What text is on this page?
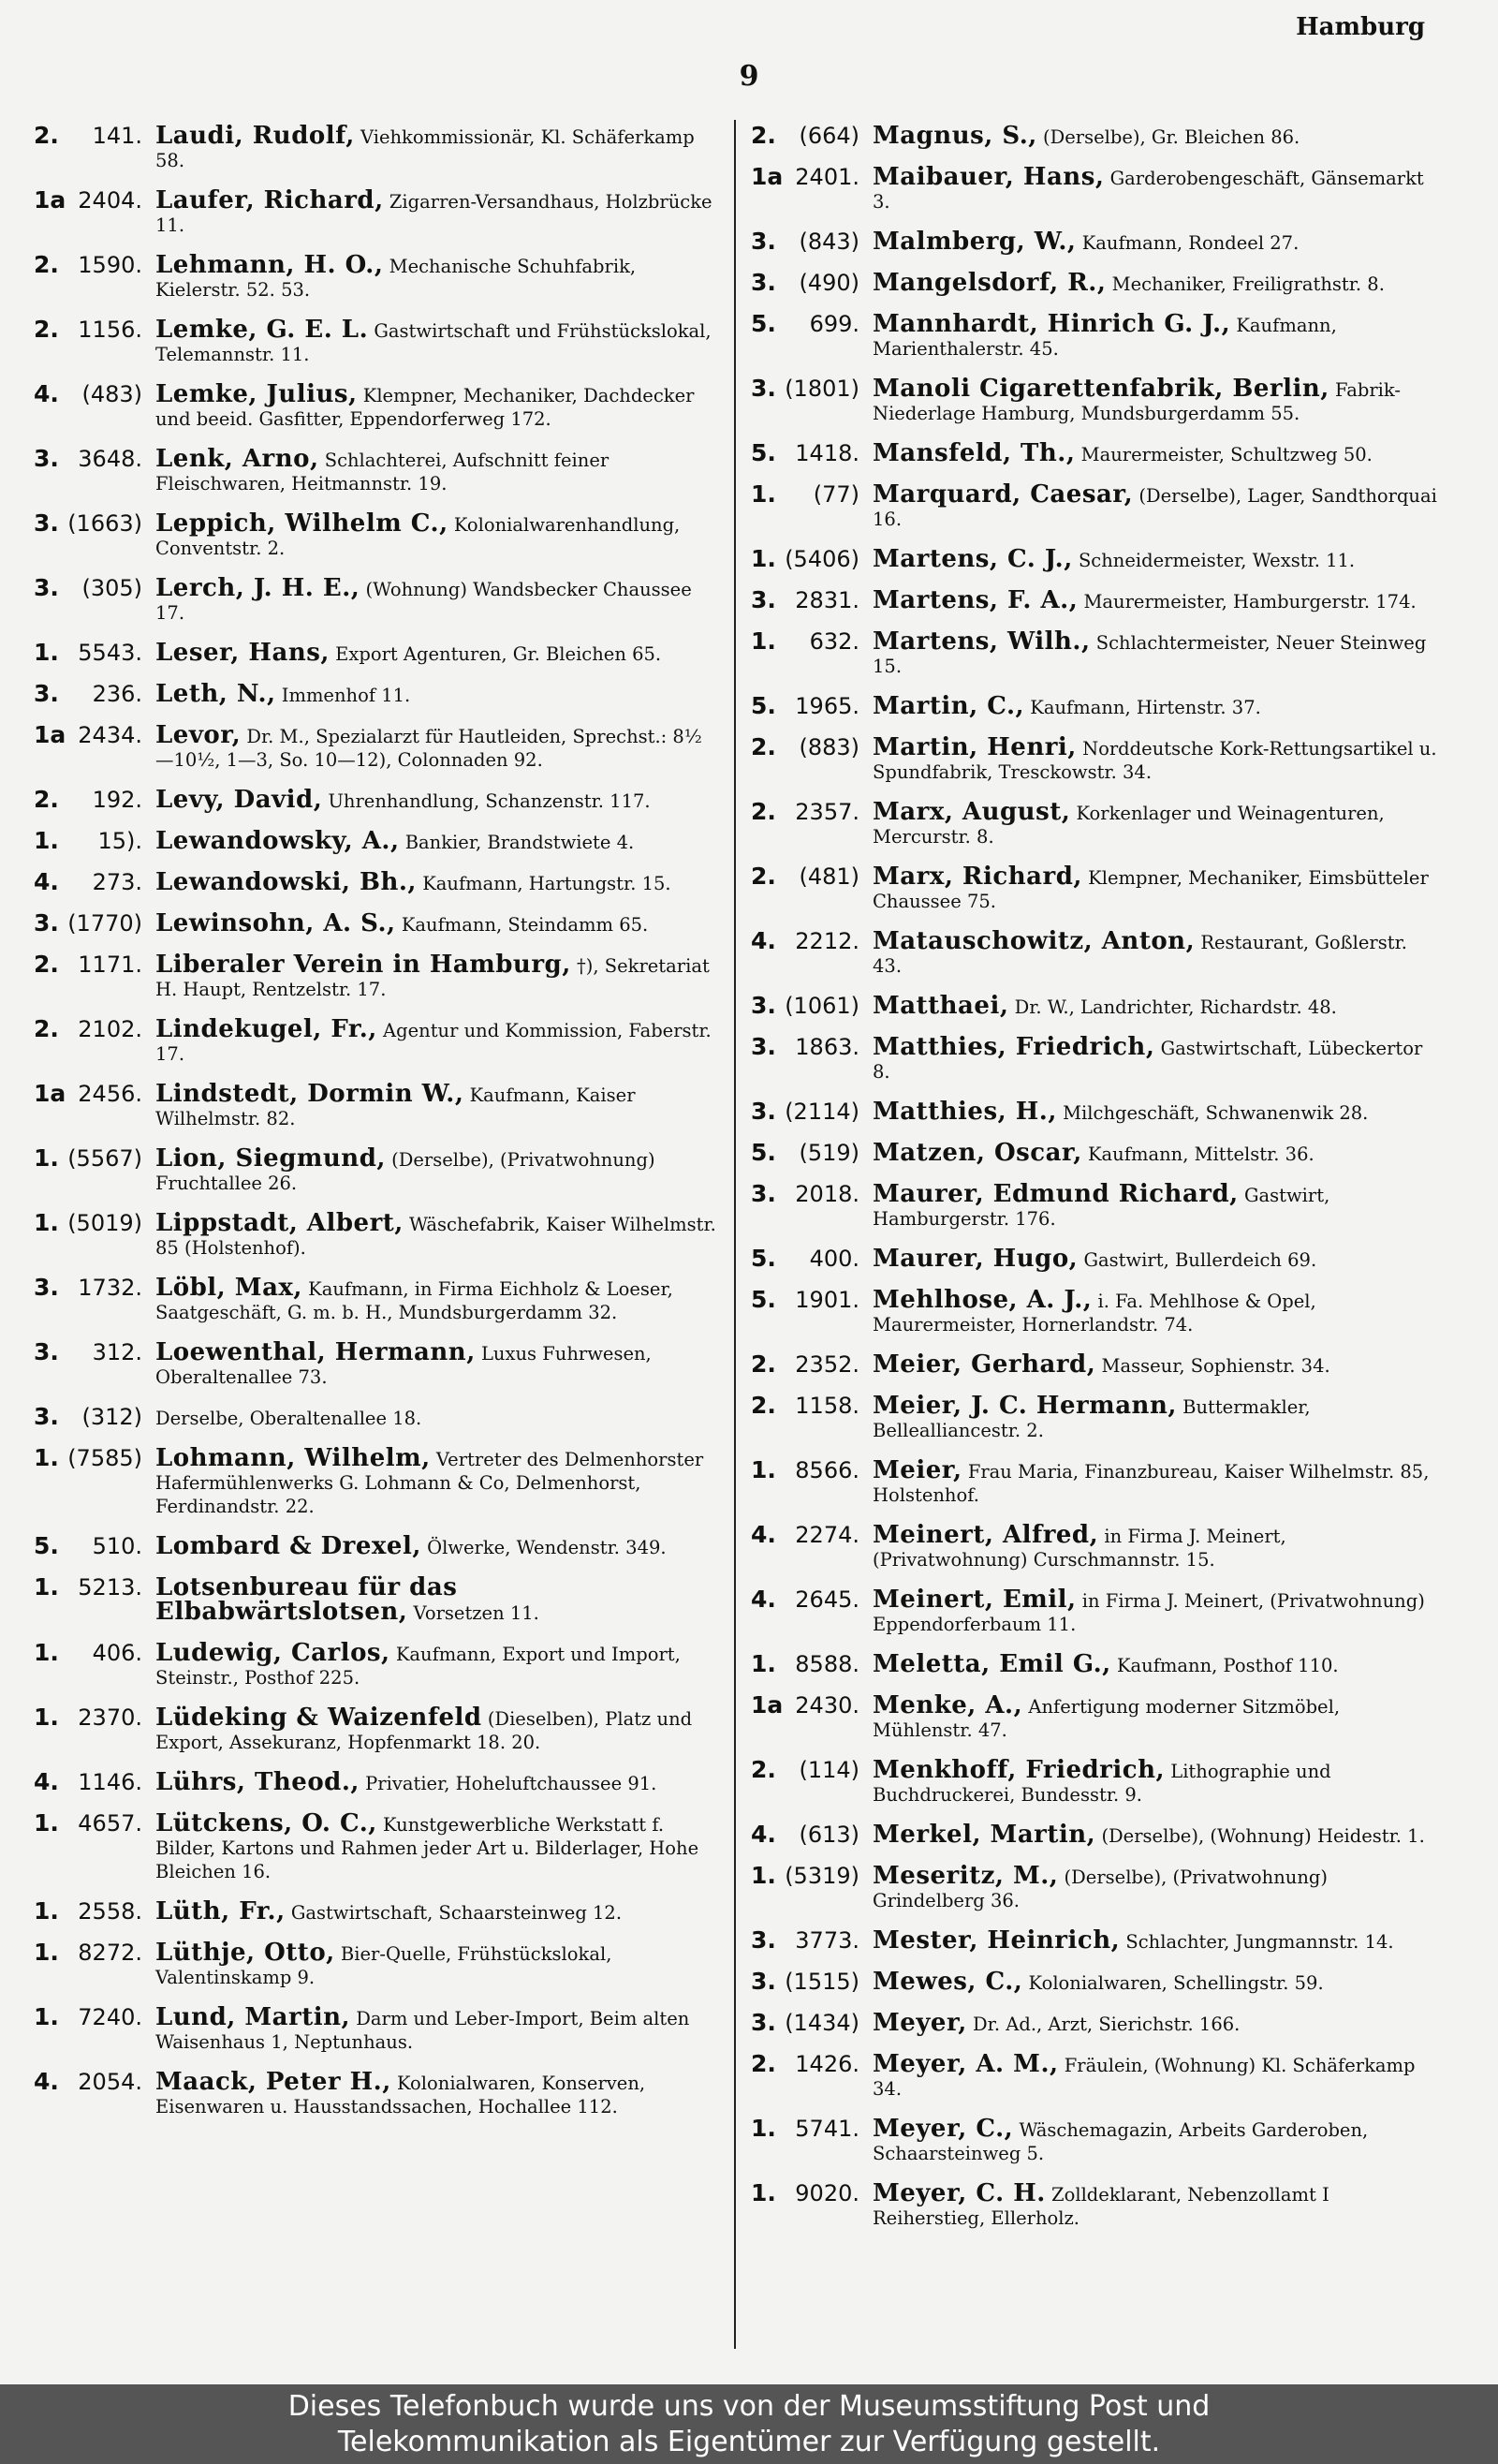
Hamburg
9
2.	141. Laudi, Rudolf, Viehkommissionär, Kl. Schäferkamp 58.
1a 2404. Laufer, Richard, Zigarren-Versandhaus, Holzbrücke 11.
2. 1590. Lehmann, H. O., Mechanische Schuhfabrik, Kielerstr. 52. 53.
2. 1156. Lemke, G. E. L. Gastwirtschaft und Frühstückslokal, Telemannstr. 11.
4.	(483) Lemke, Julius, Klempner, Mechaniker, Dachdecker und beeid. Gasfitter, Eppendorferweg 172.
3. 3648. Lenk, Arno, Schlachterei, Aufschnitt feiner Fleischwaren, Heitmannstr. 19.
3. (1663) Leppich, Wilhelm C., Kolonialwarenhandlung, Conventstr. 2.
3.	(305) Lerch, J. H. E., (Wohnung) Wandsbecker Chaussee 17.
1. 5543. Leser, Hans, Export Agenturen, Gr. Bleichen 65.
3.	236. Leth, N., Immenhof 11.
1a 2434. Levor, Dr. M., Spezialarzt für Hautleiden, Sprechst.: 8½—10½, 1—3, So. 10—12), Colonnaden 92.
2.	192. Levy, David, Uhrenhandlung, Schanzenstr. 117.
1.	15). Lewandowsky, A., Bankier, Brandstwiete 4.
4.	273. Lewandowski, Bh., Kaufmann, Hartungstr. 15.
3. (1770) Lewinsohn, A. S., Kaufmann, Steindamm 65.
2. 1171. Liberaler Verein in Hamburg, †), Sekretariat H. Haupt, Rentzelstr. 17.
2. 2102. Lindekugel, Fr., Agentur und Kommission, Faberstr. 17.
1a 2456. Lindstedt, Dormin W., Kaufmann, Kaiser Wilhelmstr. 82.
1. (5567) Lion, Siegmund, (Derselbe), (Privatwohnung) Fruchtallee 26.
1. (5019) Lippstadt, Albert, Wäschefabrik, Kaiser Wilhelmstr. 85 (Holstenhof).
3. 1732. Löbl, Max, Kaufmann, in Firma Eichholz & Loeser, Saatgeschäft, G. m. b. H., Mundsburgerdamm 32.
3.	312. Loewenthal, Hermann, Luxus Fuhrwesen, Oberaltenallee 73.
3.	(312) Derselbe, Oberaltenallee 18.
1. (7585) Lohmann, Wilhelm, Vertreter des Delmenhorster Hafermühlenwerks G. Lohmann & Co, Delmenhorst, Ferdinandstr. 22.
5.	510. Lombard & Drexel, Ölwerke, Wendenstr. 349.
1. 5213. Lotsenbureau für das Elbabwärtslotsen, Vorsetzen 11.
1.	406. Ludewig, Carlos, Kaufmann, Export und Import, Steinstr., Posthof 225.
1. 2370. Lüdeking & Waizenfeld (Dieselben), Platz und Export, Assekuranz, Hopfenmarkt 18. 20.
4. 1146. Lührs, Theod., Privatier, Hoheluftchaussee 91.
1. 4657. Lütckens, O. C., Kunstgewerbliche Werkstatt f. Bilder, Kartons und Rahmen jeder Art u. Bilderlager, Hohe Bleichen 16.
1. 2558. Lüth, Fr., Gastwirtschaft, Schaarsteinweg 12.
1. 8272. Lüthje, Otto, Bier-Quelle, Frühstückslokal, Valentinskamp 9.
1. 7240. Lund, Martin, Darm und Leber-Import, Beim alten Waisenhaus 1, Neptunhaus.
4. 2054. Maack, Peter H., Kolonialwaren, Konserven, Eisenwaren u. Hausstandssachen, Hochallee 112.
2.	(664) Magnus, S., (Derselbe), Gr. Bleichen 86.
1a 2401. Maibauer, Hans, Garderobengeschäft, Gänsemarkt 3.
3.	(843) Malmberg, W., Kaufmann, Rondeel 27.
3.	(490) Mangelsdorf, R., Mechaniker, Freiligrathstr. 8.
5.	699. Mannhardt, Hinrich G. J., Kaufmann, Marienthalerstr. 45.
3. (1801) Manoli Cigarettenfabrik, Berlin, Fabrik-Niederlage Hamburg, Mundsburgerdamm 55.
5. 1418. Mansfeld, Th., Maurermeister, Schultzweg 50.
1.	(77) Marquard, Caesar, (Derselbe), Lager, Sandthorquai 16.
1. (5406) Martens, C. J., Schneidermeister, Wexstr. 11.
3. 2831. Martens, F. A., Maurermeister, Hamburgerstr. 174.
1.	632. Martens, Wilh., Schlachtermeister, Neuer Steinweg 15.
5. 1965. Martin, C., Kaufmann, Hirtenstr. 37.
2.	(883) Martin, Henri, Norddeutsche Kork-Rettungsartikel u. Spundfabrik, Tresckowstr. 34.
2. 2357. Marx, August, Korkenlager und Weinagenturen, Mercurstr. 8.
2.	(481) Marx, Richard, Klempner, Mechaniker, Eimsbütteler Chaussee 75.
4. 2212. Matauschowitz, Anton, Restaurant, Goßlerstr. 43.
3. (1061) Matthaei, Dr. W., Landrichter, Richardstr. 48.
3. 1863. Matthies, Friedrich, Gastwirtschaft, Lübeckertor 8.
3. (2114) Matthies, H., Milchgeschäft, Schwanenwik 28.
5.	(519) Matzen, Oscar, Kaufmann, Mittelstr. 36.
3. 2018. Maurer, Edmund Richard, Gastwirt, Hamburgerstr. 176.
5.	400. Maurer, Hugo, Gastwirt, Bullerdeich 69.
5. 1901. Mehlhose, A. J., i. Fa. Mehlhose & Opel, Maurermeister, Hornerlandstr. 74.
2. 2352. Meier, Gerhard, Masseur, Sophienstr. 34.
2. 1158. Meier, J. C. Hermann, Buttermakler, Bellealliancestr. 2.
1. 8566. Meier, Frau Maria, Finanzbureau, Kaiser Wilhelmstr. 85, Holstenhof.
4. 2274. Meinert, Alfred, in Firma J. Meinert, (Privatwohnung) Curschmannstr. 15.
4. 2645. Meinert, Emil, in Firma J. Meinert, (Privatwohnung) Eppendorferbaum 11.
1. 8588. Meletta, Emil G., Kaufmann, Posthof 110.
1a 2430. Menke, A., Anfertigung moderner Sitzmöbel, Mühlenstr. 47.
2.	(114) Menkhoff, Friedrich, Lithographie und Buchdruckerei, Bundesstr. 9.
4.	(613) Merkel, Martin, (Derselbe), (Wohnung) Heidestr. 1.
1. (5319) Meseritz, M., (Derselbe), (Privatwohnung) Grindelberg 36.
3. 3773. Mester, Heinrich, Schlachter, Jungmannstr. 14.
3. (1515) Mewes, C., Kolonialwaren, Schellingstr. 59.
3. (1434) Meyer, Dr. Ad., Arzt, Sierichstr. 166.
2. 1426. Meyer, A. M., Fräulein, (Wohnung) Kl. Schäferkamp 34.
1. 5741. Meyer, C., Wäschemagazin, Arbeits Garderoben, Schaarsteinweg 5.
1. 9020. Meyer, C. H. Zolldeklarant, Nebenzollamt I Reiherstieg, Ellerholz.
Dieses Telefonbuch wurde uns von der Museumsstiftung Post und
Telekommunikation als Eigentümer zur Verfügung gestellt.
